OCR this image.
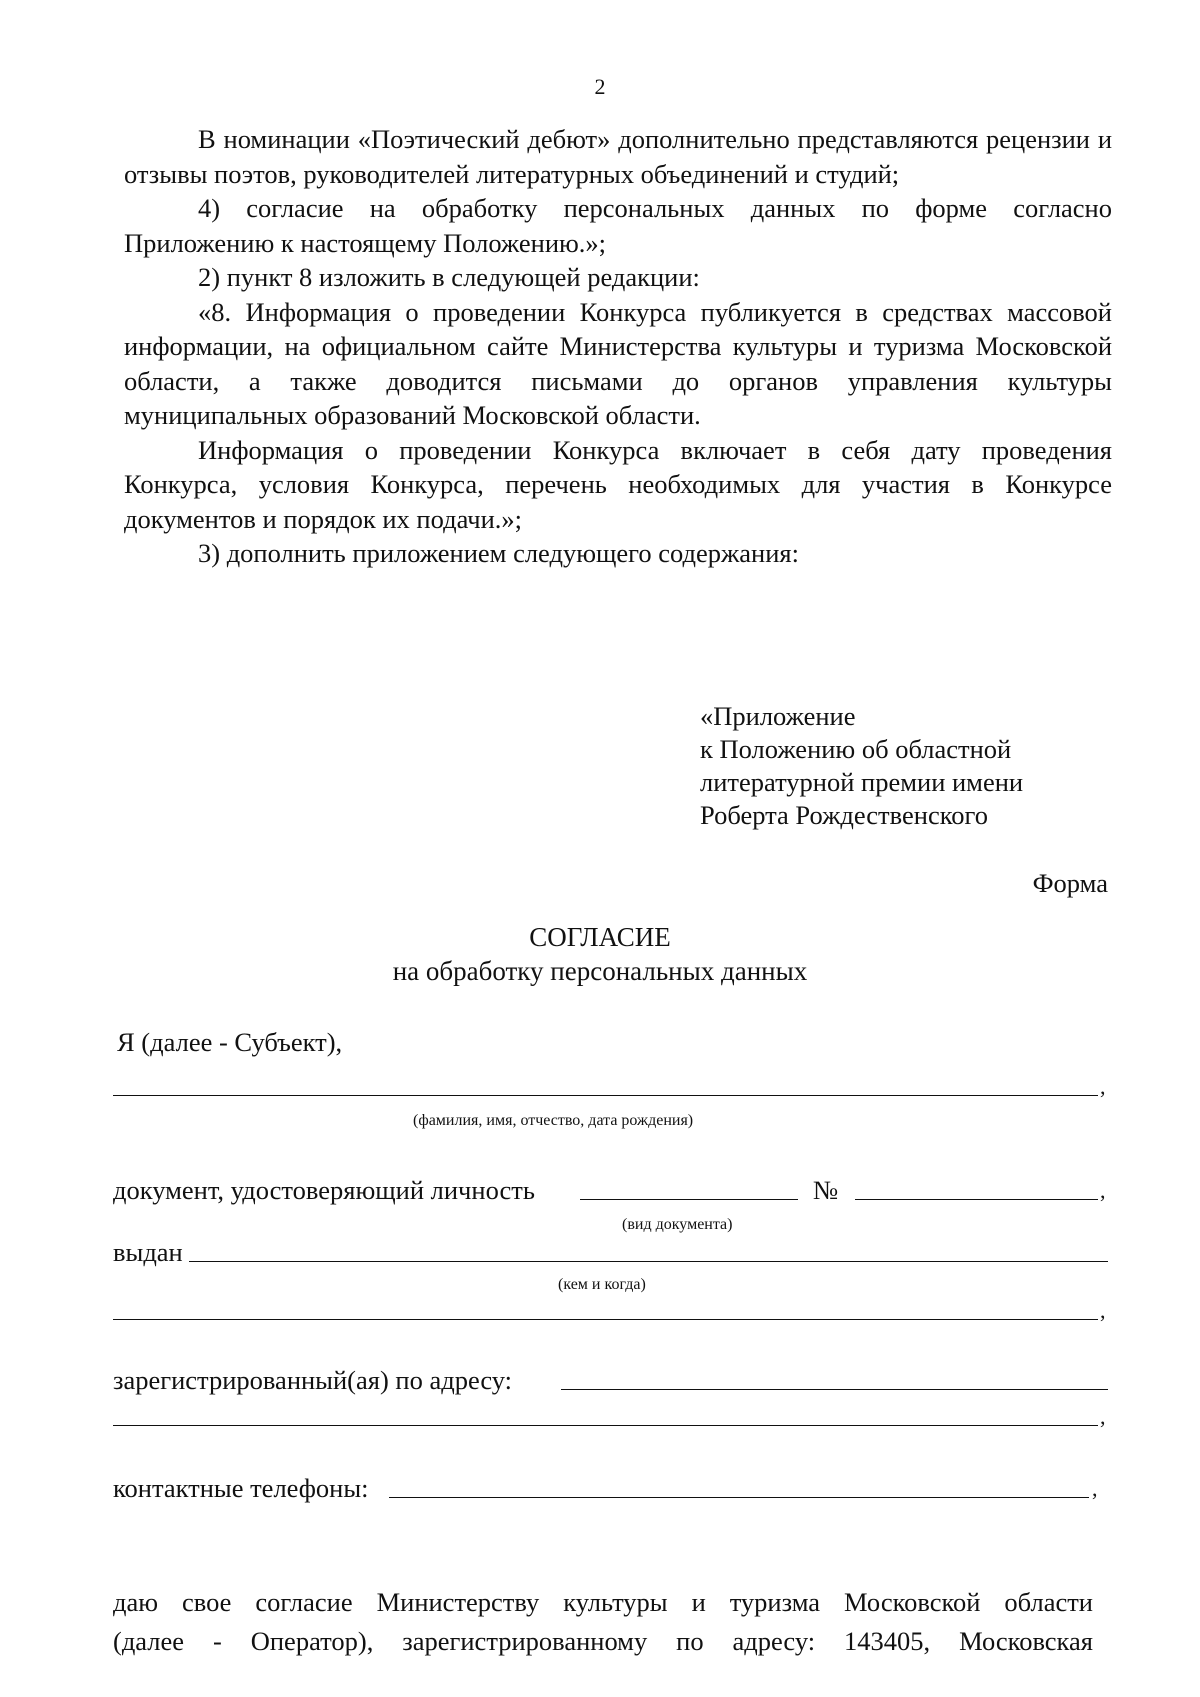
2

В номинации «Поэтический дебют» дополнительно представляются рецензии и отзывы поэтов, руководителей литературных объединений и студий;

4) согласие на обработку персональных данных по форме согласно Приложению к настоящему Положению.»;

2) пункт 8 изложить в следующей редакции:

«8. Информация о проведении Конкурса публикуется в средствах массовой информации, на официальном сайте Министерства культуры и туризма Московской области, а также доводится письмами до органов управления культуры муниципальных образований Московской области.

Информация о проведении Конкурса включает в себя дату проведения Конкурса, условия Конкурса, перечень необходимых для участия в Конкурсе документов и порядок их подачи.»;

3) дополнить приложением следующего содержания:

«Приложение
к Положению об областной
литературной премии имени
Роберта Рождественского
Форма
СОГЛАСИЕ
на обработку персональных данных
Я (далее - Субъект),
,
(фамилия, имя, отчество, дата рождения)
документ, удостоверяющий личность	№	,
(вид документа)
выдан
(кем и когда)
,
зарегистрированный(ая) по адресу:
,
контактные телефоны:	,
даю свое согласие Министерству культуры и туризма Московской области
(далее - Оператор), зарегистрированному по адресу: 143405, Московская
